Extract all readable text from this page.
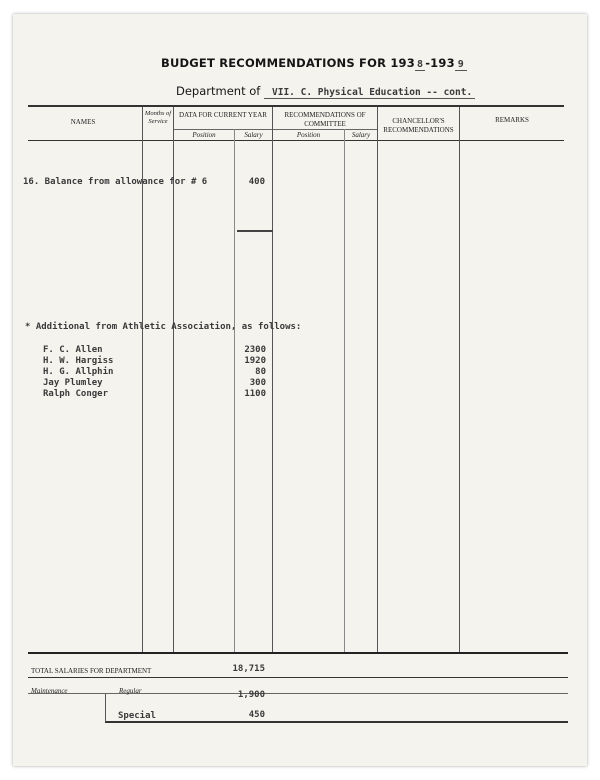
BUDGET RECOMMENDATIONS FOR 193 8 -193 9
Department of VII. C. Physical Education -- cont.
NAMES
Months of Service
DATA FOR CURRENT YEAR
Position	Salary
RECOMMENDATIONS OF COMMITTEE
Position	Salary
CHANCELLOR'S RECOMMENDATIONS
REMARKS
16. Balance from allowance for # 6	400
* Additional from Athletic Association, as follows:
F. C. Allen	2300
H. W. Hargiss	1920
H. G. Allphin	80
Jay Plumley	300
Ralph Conger	1100
TOTAL SALARIES FOR DEPARTMENT	18,715
Maintenance	Regular	1,900
Special	450
